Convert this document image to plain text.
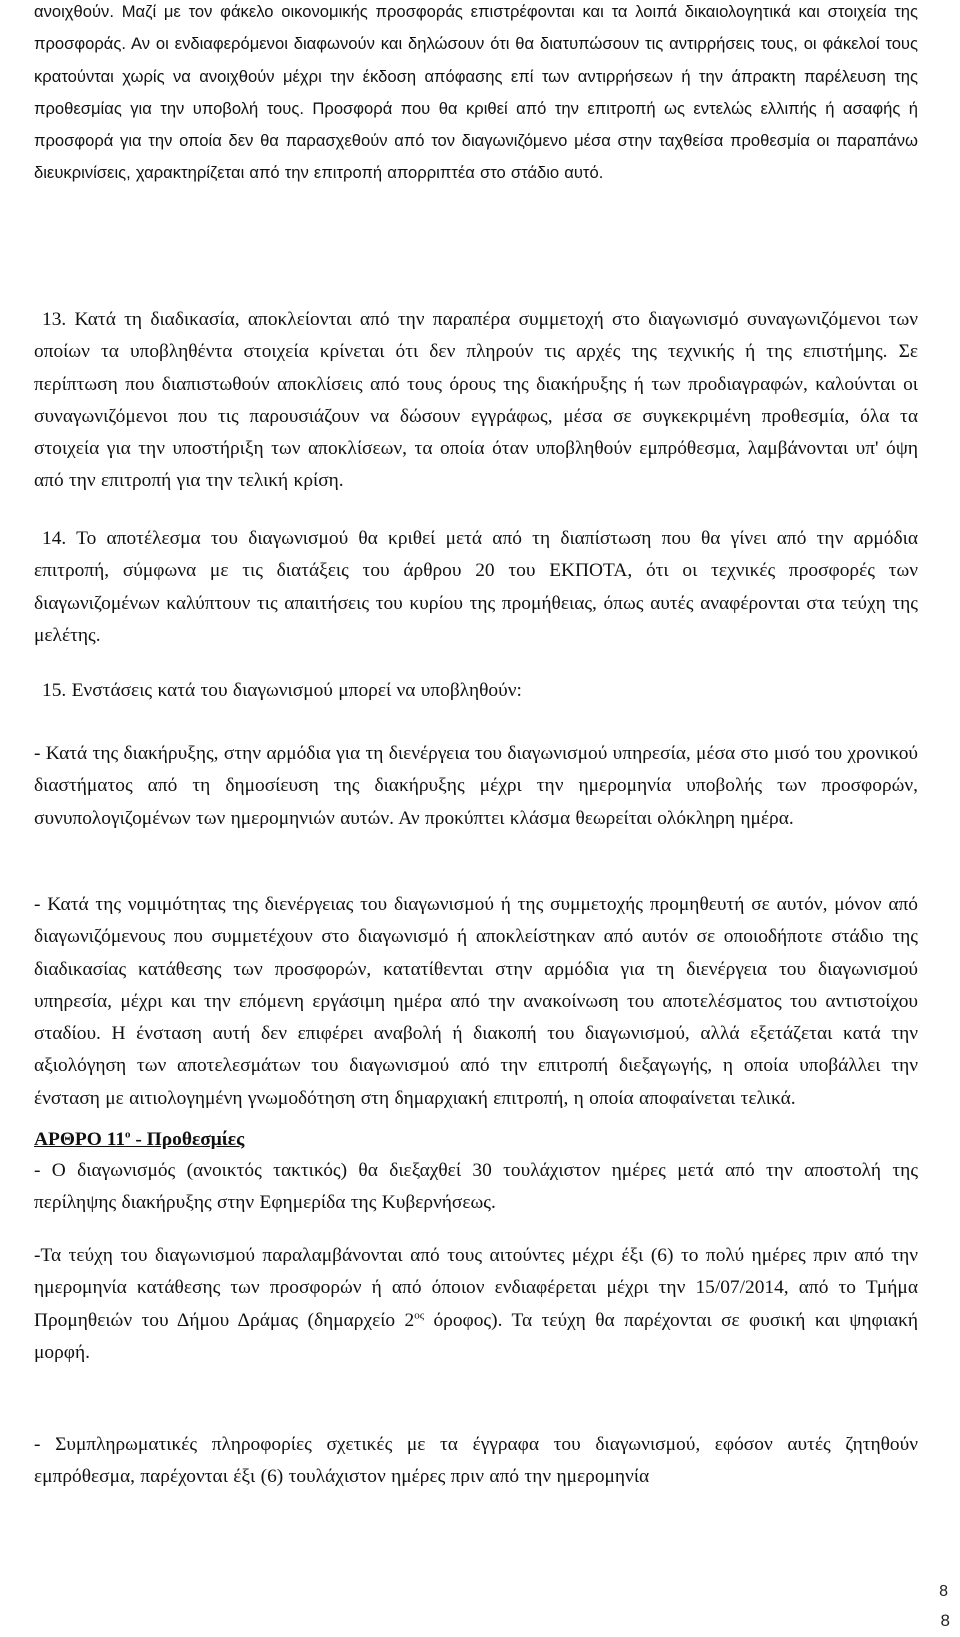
ανοιχθούν. Μαζί με τον φάκελο οικονομικής προσφοράς επιστρέφονται και τα λοιπά δικαιολογητικά και στοιχεία της προσφοράς. Αν οι ενδιαφερόμενοι διαφωνούν και δηλώσουν ότι θα διατυπώσουν τις αντιρρήσεις τους, οι φάκελοί τους κρατούνται χωρίς να ανοιχθούν μέχρι την έκδοση απόφασης επί των αντιρρήσεων ή την άπρακτη παρέλευση της προθεσμίας για την υποβολή τους. Προσφορά που θα κριθεί από την επιτροπή ως εντελώς ελλιπής ή ασαφής ή προσφορά για την οποία δεν θα παρασχεθούν από τον διαγωνιζόμενο μέσα στην ταχθείσα προθεσμία οι παραπάνω διευκρινίσεις, χαρακτηρίζεται από την επιτροπή απορριπτέα στο στάδιο αυτό.

13. Κατά τη διαδικασία, αποκλείονται από την παραπέρα συμμετοχή στο διαγωνισμό συναγωνιζόμενοι των οποίων τα υποβληθέντα στοιχεία κρίνεται ότι δεν πληρούν τις αρχές της τεχνικής ή της επιστήμης. Σε περίπτωση που διαπιστωθούν αποκλίσεις από τους όρους της διακήρυξης ή των προδιαγραφών, καλούνται οι συναγωνιζόμενοι που τις παρουσιάζουν να δώσουν εγγράφως, μέσα σε συγκεκριμένη προθεσμία, όλα τα στοιχεία για την υποστήριξη των αποκλίσεων, τα οποία όταν υποβληθούν εμπρόθεσμα, λαμβάνονται υπ' όψη από την επιτροπή για την τελική κρίση.

14. Το αποτέλεσμα του διαγωνισμού θα κριθεί μετά από τη διαπίστωση που θα γίνει από την αρμόδια επιτροπή, σύμφωνα με τις διατάξεις του άρθρου 20 του ΕΚΠΟΤΑ, ότι οι τεχνικές προσφορές των διαγωνιζομένων καλύπτουν τις απαιτήσεις του κυρίου της προμήθειας, όπως αυτές αναφέρονται στα τεύχη της μελέτης.

15. Ενστάσεις κατά του διαγωνισμού μπορεί να υποβληθούν:

- Κατά της διακήρυξης, στην αρμόδια για τη διενέργεια του διαγωνισμού υπηρεσία, μέσα στο μισό του χρονικού διαστήματος από τη δημοσίευση της διακήρυξης μέχρι την ημερομηνία υποβολής των προσφορών, συνυπολογιζομένων των ημερομηνιών αυτών. Αν προκύπτει κλάσμα θεωρείται ολόκληρη ημέρα.

- Κατά της νομιμότητας της διενέργειας του διαγωνισμού ή της συμμετοχής προμηθευτή σε αυτόν, μόνον από διαγωνιζόμενους που συμμετέχουν στο διαγωνισμό ή αποκλείστηκαν από αυτόν σε οποιοδήποτε στάδιο της διαδικασίας κατάθεσης των προσφορών, κατατίθενται στην αρμόδια για τη διενέργεια του διαγωνισμού υπηρεσία, μέχρι και την επόμενη εργάσιμη ημέρα από την ανακοίνωση του αποτελέσματος του αντιστοίχου σταδίου. Η ένσταση αυτή δεν επιφέρει αναβολή ή διακοπή του διαγωνισμού, αλλά εξετάζεται κατά την αξιολόγηση των αποτελεσμάτων του διαγωνισμού από την επιτροπή διεξαγωγής, η οποία υποβάλλει την ένσταση με αιτιολογημένη γνωμοδότηση στη δημαρχιακή επιτροπή, η οποία αποφαίνεται τελικά.

ΑΡΘΡΟ $11^o$ - Προθεσμίες

- Ο διαγωνισμός (ανοικτός τακτικός) θα διεξαχθεί 30 τουλάχιστον ημέρες μετά από την αποστολή της περίληψης διακήρυξης στην Εφημερίδα της Κυβερνήσεως.

-Τα τεύχη του διαγωνισμού παραλαμβάνονται από τους αιτούντες μέχρι έξι (6) το πολύ ημέρες πριν από την ημερομηνία κατάθεσης των προσφορών ή από όποιον ενδιαφέρεται μέχρι την 15/07/2014, από το Τμήμα Προμηθειών του Δήμου Δράμας (δημαρχείο $2^{o\varsigma}$ όροφος). Τα τεύχη θα παρέχονται σε φυσική και ψηφιακή μορφή.

- Συμπληρωματικές πληροφορίες σχετικές με τα έγγραφα του διαγωνισμού, εφόσον αυτές ζητηθούν εμπρόθεσμα, παρέχονται έξι (6) τουλάχιστον ημέρες πριν από την ημερομηνία

8
8
